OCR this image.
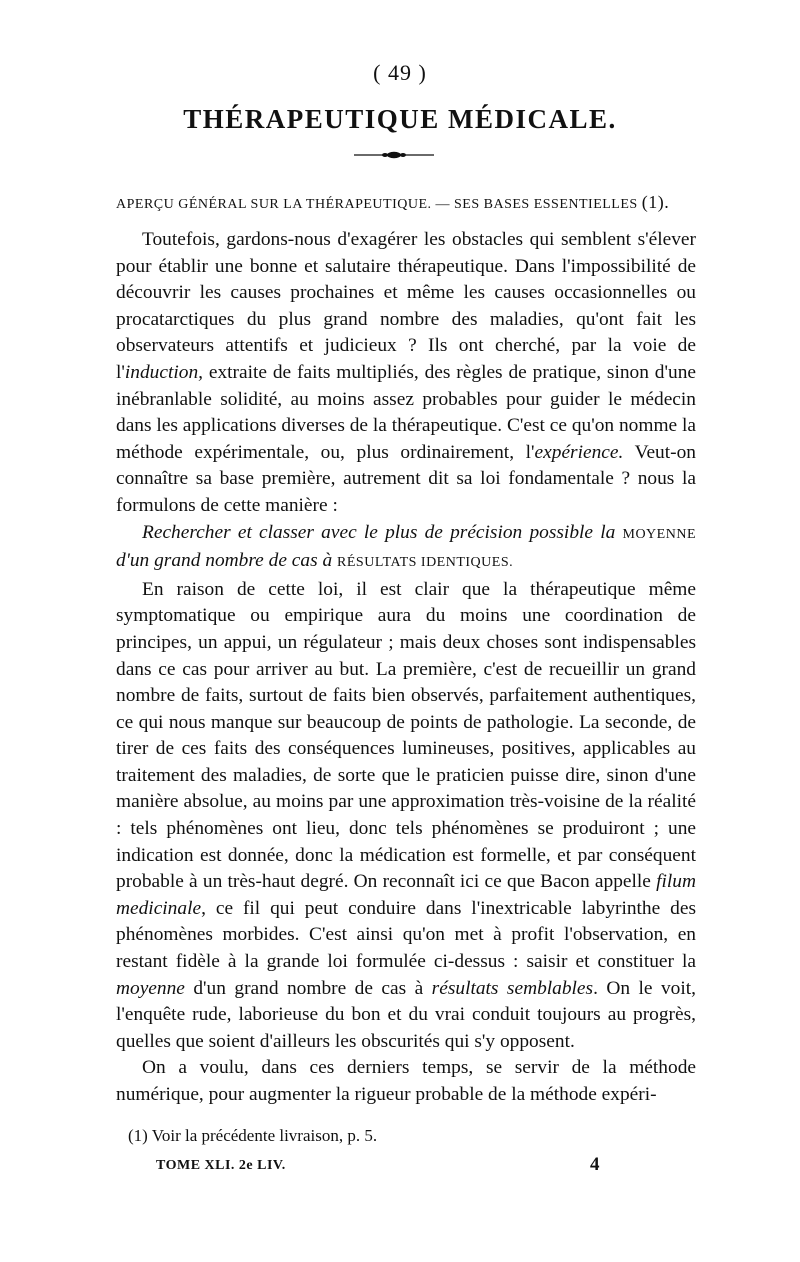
( 49 )
THÉRAPEUTIQUE MÉDICALE.
APERÇU GÉNÉRAL SUR LA THÉRAPEUTIQUE. — SES BASES ESSENTIELLES (1).

Toutefois, gardons-nous d'exagérer les obstacles qui semblent s'élever pour établir une bonne et salutaire thérapeutique. Dans l'impossibilité de découvrir les causes prochaines et même les causes occasionnelles ou procatarctiques du plus grand nombre des maladies, qu'ont fait les observateurs attentifs et judicieux ? Ils ont cherché, par la voie de l'induction, extraite de faits multipliés, des règles de pratique, sinon d'une inébranlable solidité, au moins assez probables pour guider le médecin dans les applications diverses de la thérapeutique. C'est ce qu'on nomme la méthode expérimentale, ou, plus ordinairement, l'expérience. Veut-on connaître sa base première, autrement dit sa loi fondamentale ? nous la formulons de cette manière :

Rechercher et classer avec le plus de précision possible la MOYENNE d'un grand nombre de cas à RÉSULTATS IDENTIQUES.

En raison de cette loi, il est clair que la thérapeutique même symptomatique ou empirique aura du moins une coordination de principes, un appui, un régulateur ; mais deux choses sont indispensables dans ce cas pour arriver au but. La première, c'est de recueillir un grand nombre de faits, surtout de faits bien observés, parfaitement authentiques, ce qui nous manque sur beaucoup de points de pathologie. La seconde, de tirer de ces faits des conséquences lumineuses, positives, applicables au traitement des maladies, de sorte que le praticien puisse dire, sinon d'une manière absolue, au moins par une approximation très-voisine de la réalité : tels phénomènes ont lieu, donc tels phénomènes se produiront ; une indication est donnée, donc la médication est formelle, et par conséquent probable à un très-haut degré. On reconnaît ici ce que Bacon appelle filum medicinale, ce fil qui peut conduire dans l'inextricable labyrinthe des phénomènes morbides. C'est ainsi qu'on met à profit l'observation, en restant fidèle à la grande loi formulée ci-dessus : saisir et constituer la moyenne d'un grand nombre de cas à résultats semblables. On le voit, l'enquête rude, laborieuse du bon et du vrai conduit toujours au progrès, quelles que soient d'ailleurs les obscurités qui s'y opposent.

On a voulu, dans ces derniers temps, se servir de la méthode numérique, pour augmenter la rigueur probable de la méthode expéri-

(1) Voir la précédente livraison, p. 5.
TOME XLI. 2e LIV.	4
